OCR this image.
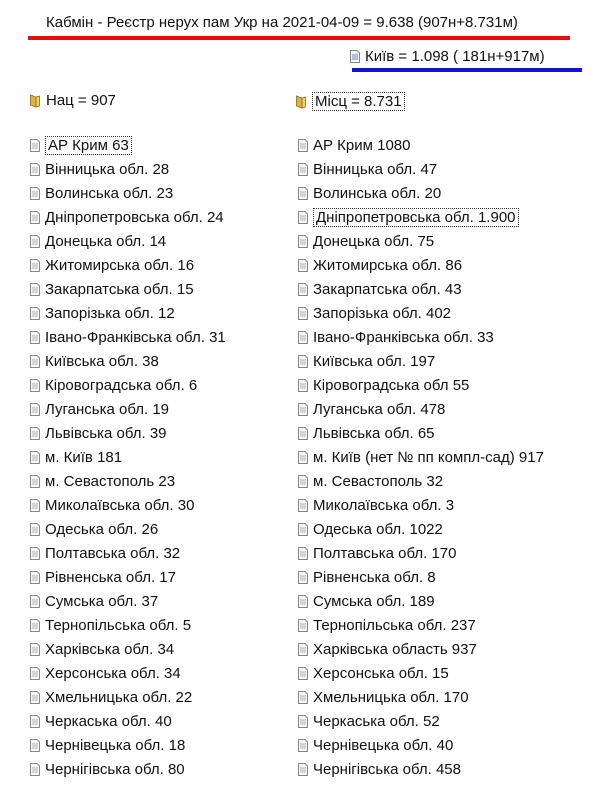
Кабмін - Реєстр нерух пам Укр на 2021-04-09 = 9.638 (907н+8.731м)
Київ = 1.098 ( 181н+917м)
Нац = 907	Місц = 8.731
АР Крим 63
Вінницька обл. 28
Волинська обл. 23
Дніпропетровська обл. 24
Донецька обл. 14
Житомирська обл. 16
Закарпатська обл. 15
Запорізька обл. 12
Івано-Франківська обл. 31
Київська обл. 38
Кіровоградська обл. 6
Луганська обл. 19
Львівська обл. 39
м. Київ 181
м. Севастополь 23
Миколаївська обл. 30
Одеська обл. 26
Полтавська обл. 32
Рівненська обл. 17
Сумська обл. 37
Тернопільська обл. 5
Харківська обл. 34
Херсонська обл. 34
Хмельницька обл. 22
Черкаська обл. 40
Чернівецька обл. 18
Чернігівська обл. 80
АР Крим 1080
Вінницька обл. 47
Волинська обл. 20
Дніпропетровська обл. 1.900
Донецька обл. 75
Житомирська обл. 86
Закарпатська обл. 43
Запорізька обл. 402
Івано-Франківська обл. 33
Київська обл. 197
Кіровоградська обл 55
Луганська обл. 478
Львівська обл. 65
м. Київ (нет № пп компл-сад) 917
м. Севастополь 32
Миколаївська обл. 3
Одеська обл. 1022
Полтавська обл. 170
Рівненська обл. 8
Сумська обл. 189
Тернопільська обл. 237
Харківська область 937
Херсонська обл. 15
Хмельницька обл. 170
Черкаська обл. 52
Чернівецька обл. 40
Чернігівська обл. 458
